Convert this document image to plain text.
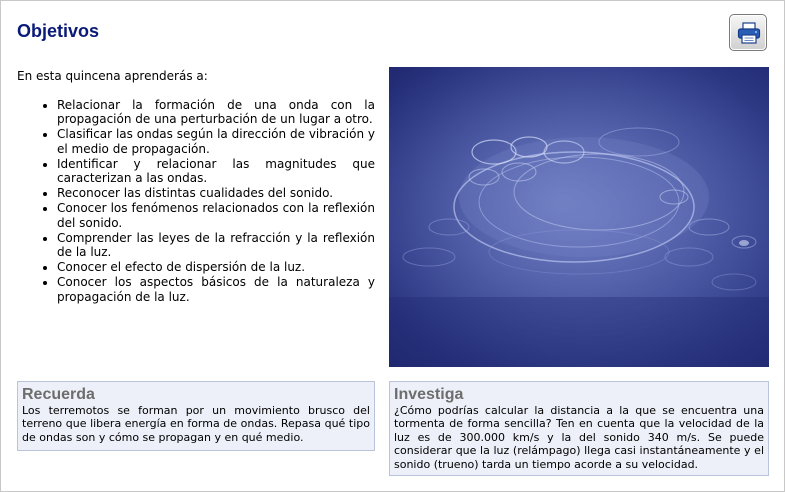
Objetivos
En esta quincena aprenderás a:
• Relacionar la formación de una onda con la propagación de una perturbación de un lugar a otro.
• Clasificar las ondas según la dirección de vibración y el medio de propagación.
• Identificar y relacionar las magnitudes que caracterizan a las ondas.
• Reconocer las distintas cualidades del sonido.
• Conocer los fenómenos relacionados con la reflexión del sonido.
• Comprender las leyes de la refracción y la reflexión de la luz.
• Conocer el efecto de dispersión de la luz.
• Conocer los aspectos básicos de la naturaleza y propagación de la luz.
Recuerda
Los terremotos se forman por un movimiento brusco del terreno que libera energía en forma de ondas. Repasa qué tipo de ondas son y cómo se propagan y en qué medio.
Investiga
¿Cómo podrías calcular la distancia a la que se encuentra una tormenta de forma sencilla? Ten en cuenta que la velocidad de la luz es de 300.000 km/s y la del sonido 340 m/s. Se puede considerar que la luz (relámpago) llega casi instantáneamente y el sonido (trueno) tarda un tiempo acorde a su velocidad.
